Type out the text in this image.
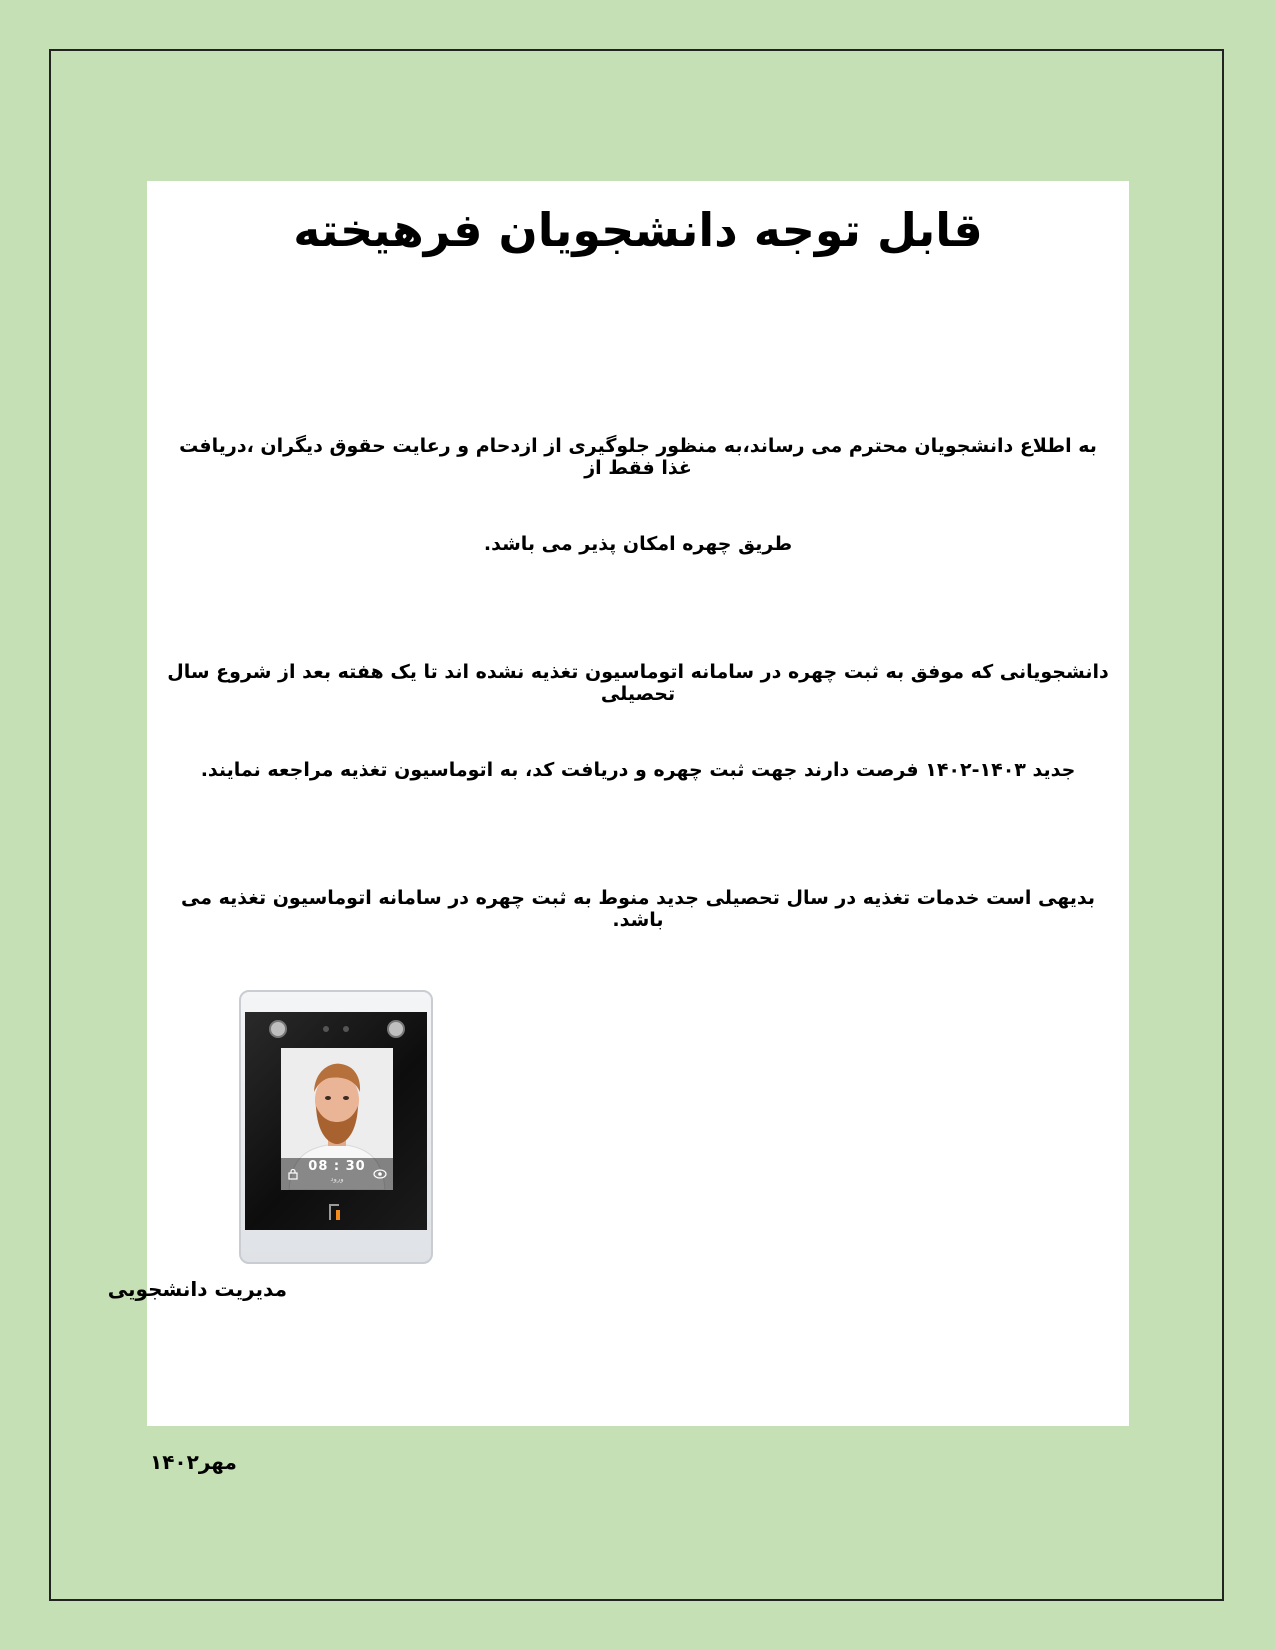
قابل توجه دانشجویان فرهیخته
به اطلاع دانشجویان محترم می رساند،به منظور جلوگیری از ازدحام و رعایت حقوق دیگران ،دریافت غذا فقط از
طریق چهره امکان پذیر می باشد.
دانشجویانی که موفق به ثبت چهره در سامانه اتوماسیون تغذیه نشده اند تا یک هفته بعد از شروع سال تحصیلی
جدید ۱۴۰۳-۱۴۰۲ فرصت دارند جهت ثبت چهره و دریافت کد، به اتوماسیون تغذیه مراجعه نمایند.
بدیهی است خدمات تغذیه در سال تحصیلی جدید منوط به ثبت چهره در سامانه اتوماسیون تغذیه می باشد.
08 : 30
ورود
مدیریت دانشجویی
مهر۱۴۰۲
